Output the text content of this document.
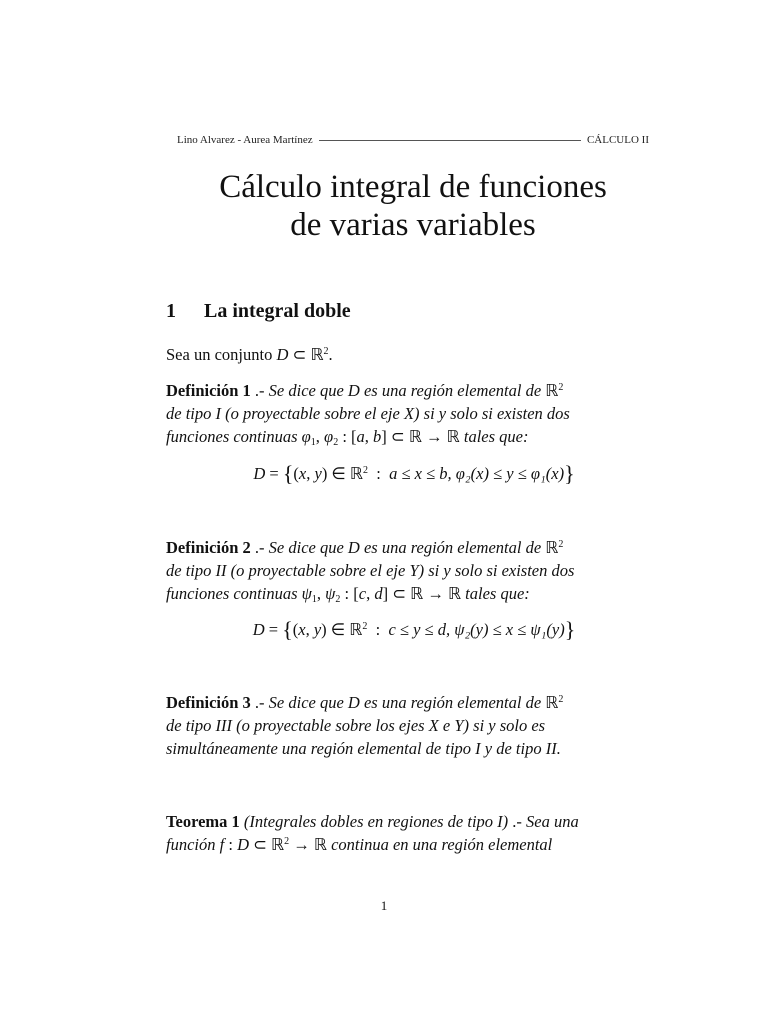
Lino Alvarez - Aurea Martínez	CÁLCULO II
Cálculo integral de funciones
de varias variables
1 La integral doble
Sea un conjunto D ⊂ ℝ$^2$.
Definición 1 .- Se dice que D es una región elemental de ℝ$^2$
de tipo I (o proyectable sobre el eje X) si y solo si existen dos
funciones continuas $\varphi_1$, $\varphi_2$ : [a, b] ⊂ ℝ → ℝ tales que:
D = {(x, y) ∈ ℝ$^2$  :  a ≤ x ≤ b, φ₂(x) ≤ y ≤ φ₁(x)}
Definición 2 .- Se dice que D es una región elemental de ℝ$^2$
de tipo II (o proyectable sobre el eje Y) si y solo si existen dos
funciones continuas $\psi_1$, $\psi_2$ : [c, d] ⊂ ℝ → ℝ tales que:
D = {(x, y) ∈ ℝ$^2$  :  c ≤ y ≤ d, ψ₂(y) ≤ x ≤ ψ₁(y)}
Definición 3 .- Se dice que D es una región elemental de ℝ$^2$
de tipo III (o proyectable sobre los ejes X e Y) si y solo es
simultáneamente una región elemental de tipo I y de tipo II.
Teorema 1 (Integrales dobles en regiones de tipo I) .- Sea una
función f : D ⊂ ℝ$^2$ → ℝ continua en una región elemental
1
